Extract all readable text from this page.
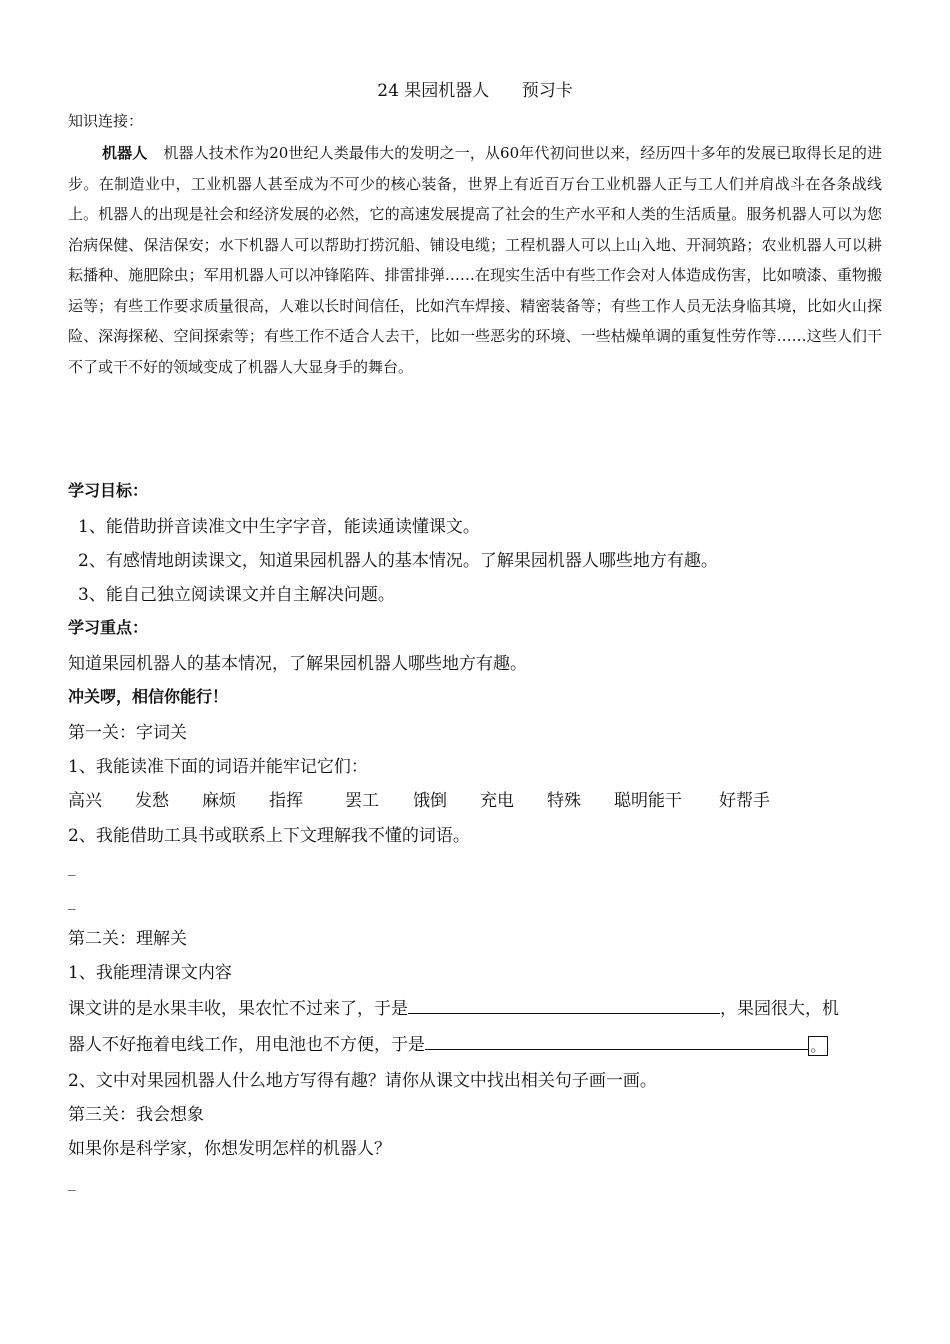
24 果园机器人      预习卡
知识连接：

机器人 机器人技术作为20世纪人类最伟大的发明之一，从60年代初问世以来，经历四十多年的发展已取得长足的进步。在制造业中，工业机器人甚至成为不可少的核心装备，世界上有近百万台工业机器人正与工人们并肩战斗在各条战线上。机器人的出现是社会和经济发展的必然，它的高速发展提高了社会的生产水平和人类的生活质量。服务机器人可以为您治病保健、保洁保安；水下机器人可以帮助打捞沉船、铺设电缆；工程机器人可以上山入地、开洞筑路；农业机器人可以耕耘播种、施肥除虫；军用机器人可以冲锋陷阵、排雷排弹……在现实生活中有些工作会对人体造成伤害，比如喷漆、重物搬运等；有些工作要求质量很高，人难以长时间信任，比如汽车焊接、精密装备等；有些工作人员无法身临其境，比如火山探险、深海探秘、空间探索等；有些工作不适合人去干，比如一些恶劣的环境、一些枯燥单调的重复性劳作等……这些人们干不了或干不好的领域变成了机器人大显身手的舞台。

学习目标：
1、能借助拼音读准文中生字字音，能读通读懂课文。
2、有感情地朗读课文，知道果园机器人的基本情况。了解果园机器人哪些地方有趣。
3、能自己独立阅读课文并自主解决问题。
学习重点：
知道果园机器人的基本情况，了解果园机器人哪些地方有趣。
冲关啰，相信你能行！
第一关：字词关
1、我能读准下面的词语并能牢记它们：
高兴 发愁 麻烦 指挥 罢工 饿倒 充电 特殊 聪明能干 好帮手
2、我能借助工具书或联系上下文理解我不懂的词语。
_
_
第二关：理解关
1、我能理清课文内容
课文讲的是水果丰收，果农忙不过来了，于是	，果园很大，机
器人不好拖着电线工作，用电池也不方便，于是	。
2、文中对果园机器人什么地方写得有趣？请你从课文中找出相关句子画一画。
第三关：我会想象
如果你是科学家，你想发明怎样的机器人？
_
